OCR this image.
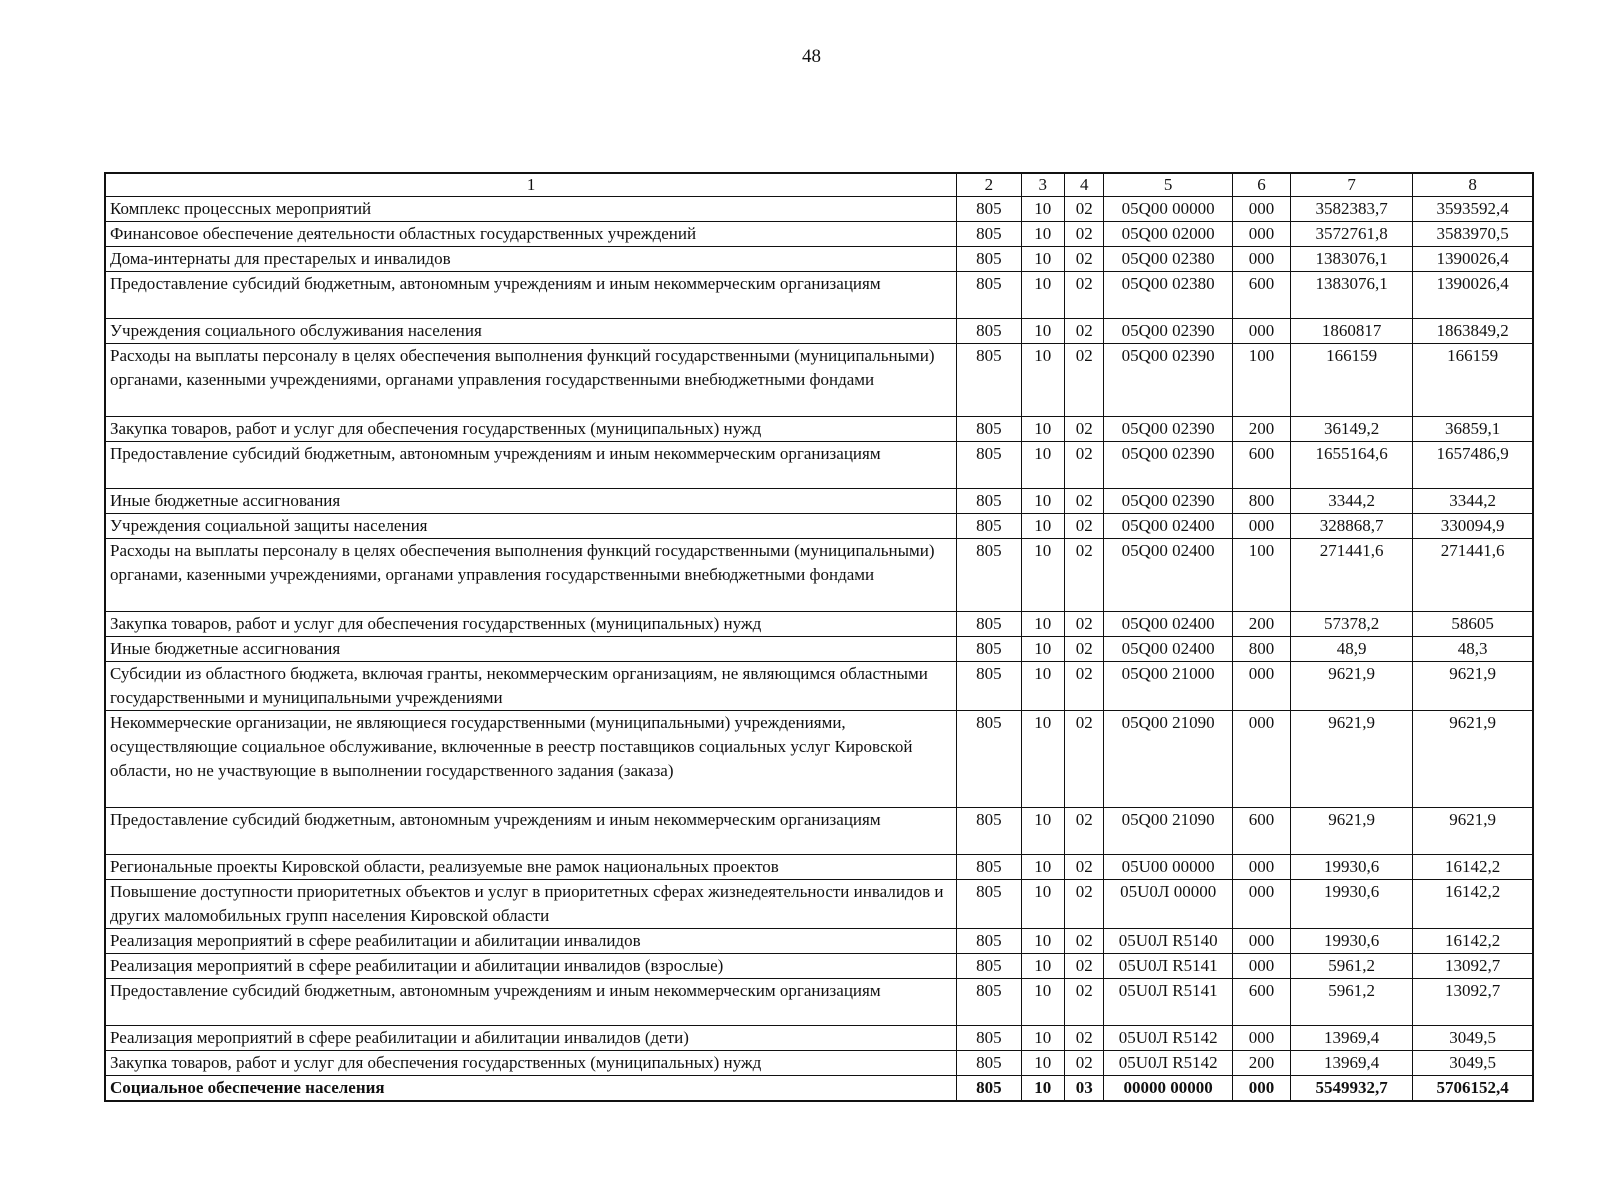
48
1	2	3	4	5	6	7	8
Комплекс процессных мероприятий	805	10	02	05Q00 00000	000	3582383,7	3593592,4
Финансовое обеспечение деятельности областных государственных учреждений	805	10	02	05Q00 02000	000	3572761,8	3583970,5
Дома-интернаты для престарелых и инвалидов	805	10	02	05Q00 02380	000	1383076,1	1390026,4
Предоставление субсидий бюджетным, автономным учреждениям и иным некоммерческим организациям	805	10	02	05Q00 02380	600	1383076,1	1390026,4
Учреждения социального обслуживания населения	805	10	02	05Q00 02390	000	1860817	1863849,2
Расходы на выплаты персоналу в целях обеспечения выполнения функций государственными (муниципальными) органами, казенными учреждениями, органами управления государственными внебюджетными фондами	805	10	02	05Q00 02390	100	166159	166159
Закупка товаров, работ и услуг для обеспечения государственных (муниципальных) нужд	805	10	02	05Q00 02390	200	36149,2	36859,1
Предоставление субсидий бюджетным, автономным учреждениям и иным некоммерческим организациям	805	10	02	05Q00 02390	600	1655164,6	1657486,9
Иные бюджетные ассигнования	805	10	02	05Q00 02390	800	3344,2	3344,2
Учреждения социальной защиты населения	805	10	02	05Q00 02400	000	328868,7	330094,9
Расходы на выплаты персоналу в целях обеспечения выполнения функций государственными (муниципальными) органами, казенными учреждениями, органами управления государственными внебюджетными фондами	805	10	02	05Q00 02400	100	271441,6	271441,6
Закупка товаров, работ и услуг для обеспечения государственных (муниципальных) нужд	805	10	02	05Q00 02400	200	57378,2	58605
Иные бюджетные ассигнования	805	10	02	05Q00 02400	800	48,9	48,3
Субсидии из областного бюджета, включая гранты, некоммерческим организациям, не являющимся областными государственными и муниципальными учреждениями	805	10	02	05Q00 21000	000	9621,9	9621,9
Некоммерческие организации, не являющиеся государственными (муниципальными) учреждениями, осуществляющие социальное обслуживание, включенные в реестр поставщиков социальных услуг Кировской области, но не участвующие в выполнении государственного задания (заказа)	805	10	02	05Q00 21090	000	9621,9	9621,9
Предоставление субсидий бюджетным, автономным учреждениям и иным некоммерческим организациям	805	10	02	05Q00 21090	600	9621,9	9621,9
Региональные проекты Кировской области, реализуемые вне рамок национальных проектов	805	10	02	05U00 00000	000	19930,6	16142,2
Повышение доступности приоритетных объектов и услуг в приоритетных сферах жизнедеятельности инвалидов и других маломобильных групп населения Кировской области	805	10	02	05U0Л 00000	000	19930,6	16142,2
Реализация мероприятий в сфере реабилитации и абилитации инвалидов	805	10	02	05U0Л R5140	000	19930,6	16142,2
Реализация мероприятий в сфере реабилитации и абилитации инвалидов (взрослые)	805	10	02	05U0Л R5141	000	5961,2	13092,7
Предоставление субсидий бюджетным, автономным учреждениям и иным некоммерческим организациям	805	10	02	05U0Л R5141	600	5961,2	13092,7
Реализация мероприятий в сфере реабилитации и абилитации инвалидов (дети)	805	10	02	05U0Л R5142	000	13969,4	3049,5
Закупка товаров, работ и услуг для обеспечения государственных (муниципальных) нужд	805	10	02	05U0Л R5142	200	13969,4	3049,5
Социальное обеспечение населения	805	10	03	00000 00000	000	5549932,7	5706152,4
